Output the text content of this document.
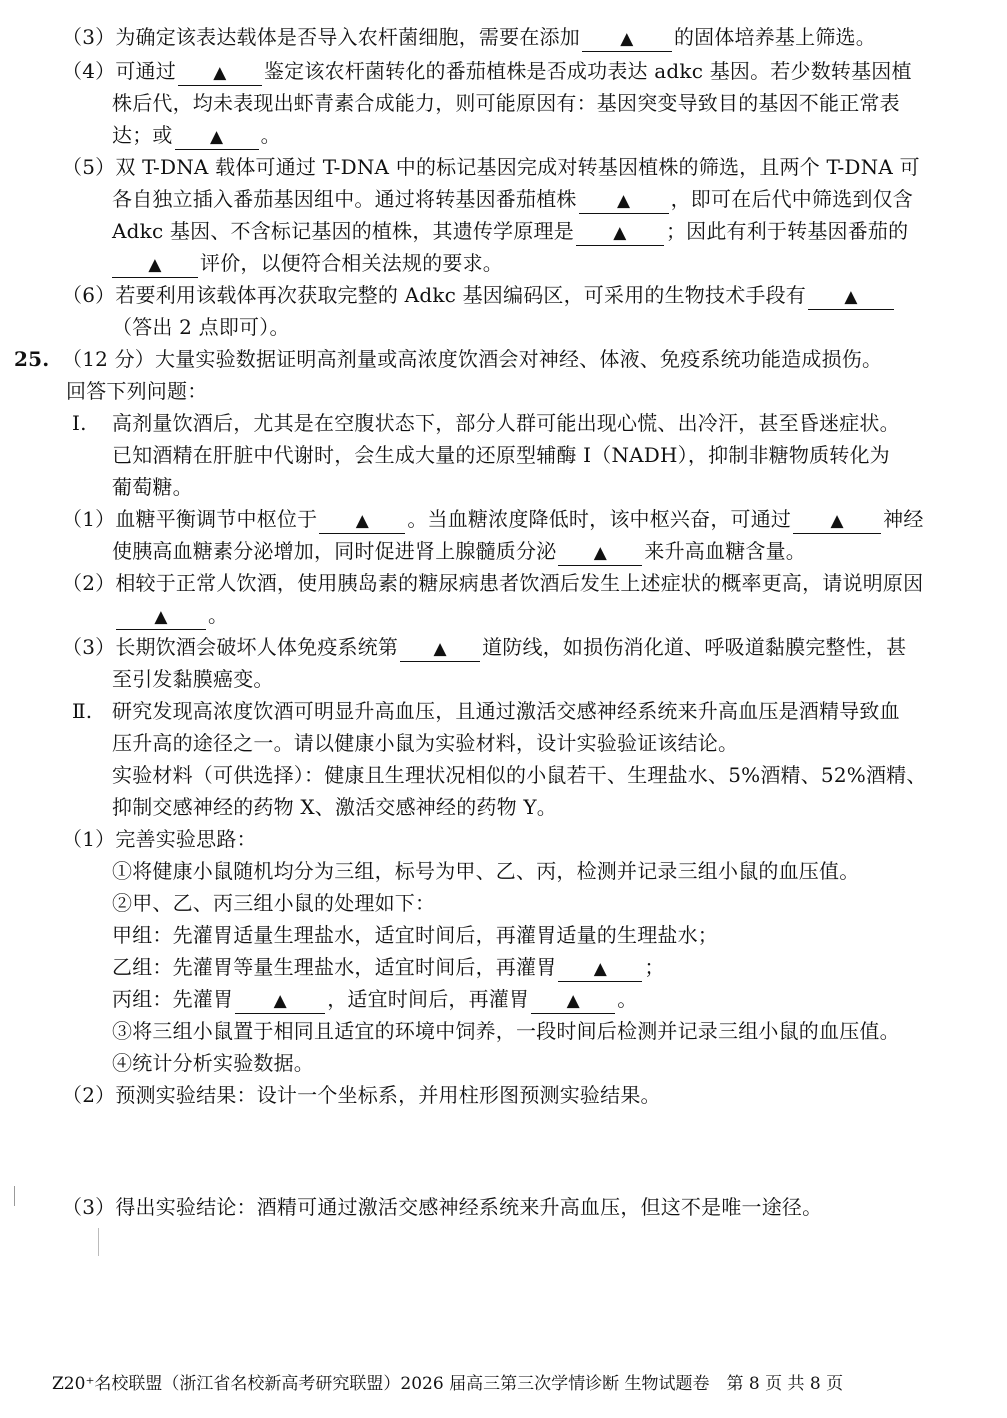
（3）为确定该表达载体是否导入农杆菌细胞，需要在添加 ▲ 的固体培养基上筛选。
（4）可通过 ▲ 鉴定该农杆菌转化的番茄植株是否成功表达 adkc 基因。若少数转基因植
株后代，均未表现出虾青素合成能力，则可能原因有：基因突变导致目的基因不能正常表
达；或 ▲ 。
（5）双 T-DNA 载体可通过 T-DNA 中的标记基因完成对转基因植株的筛选，且两个 T-DNA 可
各自独立插入番茄基因组中。通过将转基因番茄植株 ▲ ，即可在后代中筛选到仅含
Adkc 基因、不含标记基因的植株，其遗传学原理是 ▲ ；因此有利于转基因番茄的
▲ 评价，以便符合相关法规的要求。
（6）若要利用该载体再次获取完整的 Adkc 基因编码区，可采用的生物技术手段有 ▲
（答出 2 点即可）。
25. （12 分）大量实验数据证明高剂量或高浓度饮酒会对神经、体液、免疫系统功能造成损伤。
回答下列问题：
Ⅰ. 高剂量饮酒后，尤其是在空腹状态下，部分人群可能出现心慌、出冷汗，甚至昏迷症状。
已知酒精在肝脏中代谢时，会生成大量的还原型辅酶 Ⅰ（NADH），抑制非糖物质转化为
葡萄糖。
（1）血糖平衡调节中枢位于 ▲ 。当血糖浓度降低时，该中枢兴奋，可通过 ▲ 神经
使胰高血糖素分泌增加，同时促进肾上腺髓质分泌 ▲ 来升高血糖含量。
（2）相较于正常人饮酒，使用胰岛素的糖尿病患者饮酒后发生上述症状的概率更高，请说明原因
▲ 。
（3）长期饮酒会破坏人体免疫系统第 ▲ 道防线，如损伤消化道、呼吸道黏膜完整性，甚
至引发黏膜癌变。
Ⅱ. 研究发现高浓度饮酒可明显升高血压，且通过激活交感神经系统来升高血压是酒精导致血
压升高的途径之一。请以健康小鼠为实验材料，设计实验验证该结论。
实验材料（可供选择）：健康且生理状况相似的小鼠若干、生理盐水、5%酒精、52%酒精、
抑制交感神经的药物 X、激活交感神经的药物 Y。
（1）完善实验思路：
①将健康小鼠随机均分为三组，标号为甲、乙、丙，检测并记录三组小鼠的血压值。
②甲、乙、丙三组小鼠的处理如下：
甲组：先灌胃适量生理盐水，适宜时间后，再灌胃适量的生理盐水；
乙组：先灌胃等量生理盐水，适宜时间后，再灌胃 ▲ ；
丙组：先灌胃 ▲ ，适宜时间后，再灌胃 ▲ 。
③将三组小鼠置于相同且适宜的环境中饲养，一段时间后检测并记录三组小鼠的血压值。
④统计分析实验数据。
（2）预测实验结果：设计一个坐标系，并用柱形图预测实验结果。
（3）得出实验结论：酒精可通过激活交感神经系统来升高血压，但这不是唯一途径。
Z20⁺名校联盟（浙江省名校新高考研究联盟）2026 届高三第三次学情诊断 生物试题卷　第 8 页 共 8 页
